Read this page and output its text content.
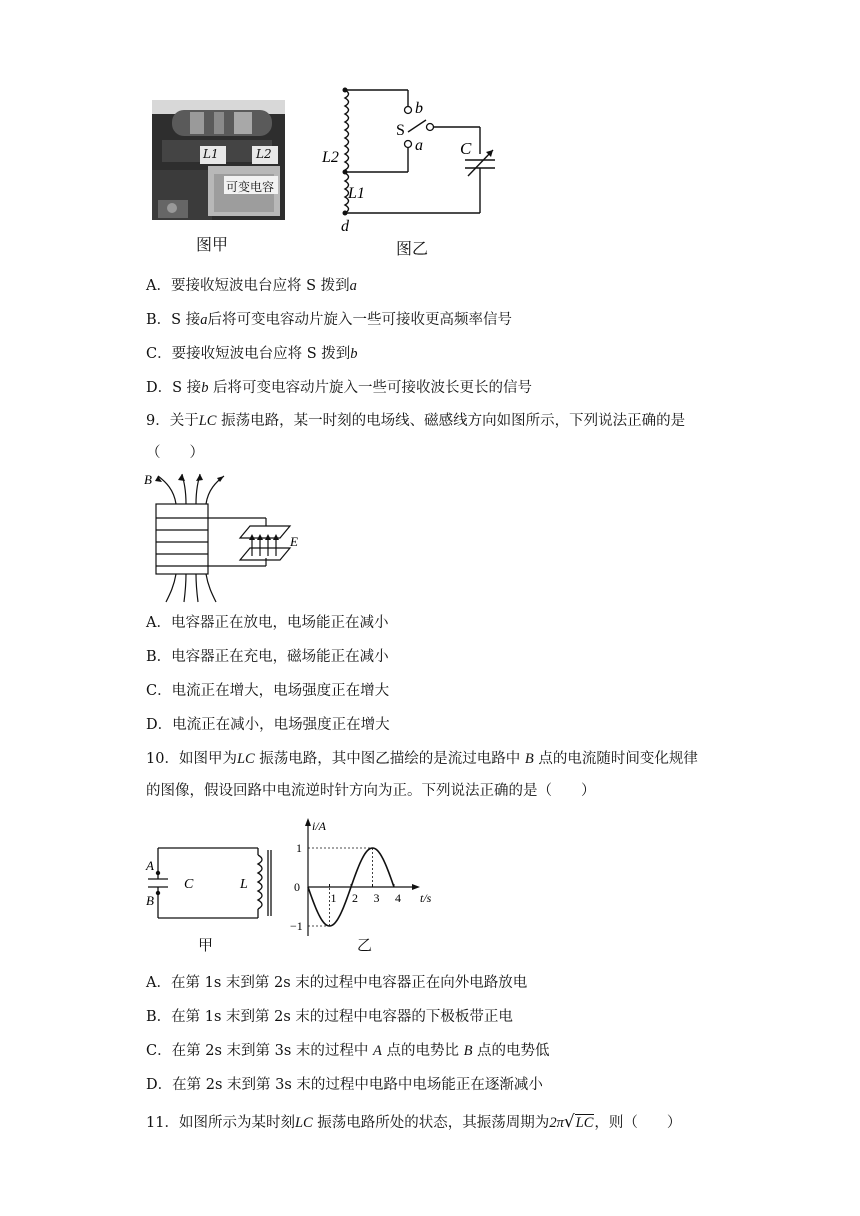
L1	L2
可变电容
图甲
b
S
a C
L2
L1
d
图乙
A．要接收短波电台应将 S 拨到a
B．S 接a后将可变电容动片旋入一些可接收更高频率信号
C．要接收短波电台应将 S 拨到b
D．S 接b 后将可变电容动片旋入一些可接收波长更长的信号
9．关于LC 振荡电路，某一时刻的电场线、磁感线方向如图所示，下列说法正确的是
（　　）
B
E
A．电容器正在放电，电场能正在减小
B．电容器正在充电，磁场能正在减小
C．电流正在增大，电场强度正在增大
D．电流正在减小，电场强度正在增大
10．如图甲为LC 振荡电路，其中图乙描绘的是流过电路中 B 点的电流随时间变化规律
的图像，假设回路中电流逆时针方向为正。下列说法正确的是（　　）
A
B
C	L
甲
0
1 2 3 4
1
−1
i/A
t/s
乙
A．在第 1s 末到第 2s 末的过程中电容器正在向外电路放电
B．在第 1s 末到第 2s 末的过程中电容器的下极板带正电
C．在第 2s 末到第 3s 末的过程中 A 点的电势比 B 点的电势低
D．在第 2s 末到第 3s 末的过程中电路中电场能正在逐渐减小
11．如图所示为某时刻LC 振荡电路所处的状态，其振荡周期为2π√LC，则（　　）
